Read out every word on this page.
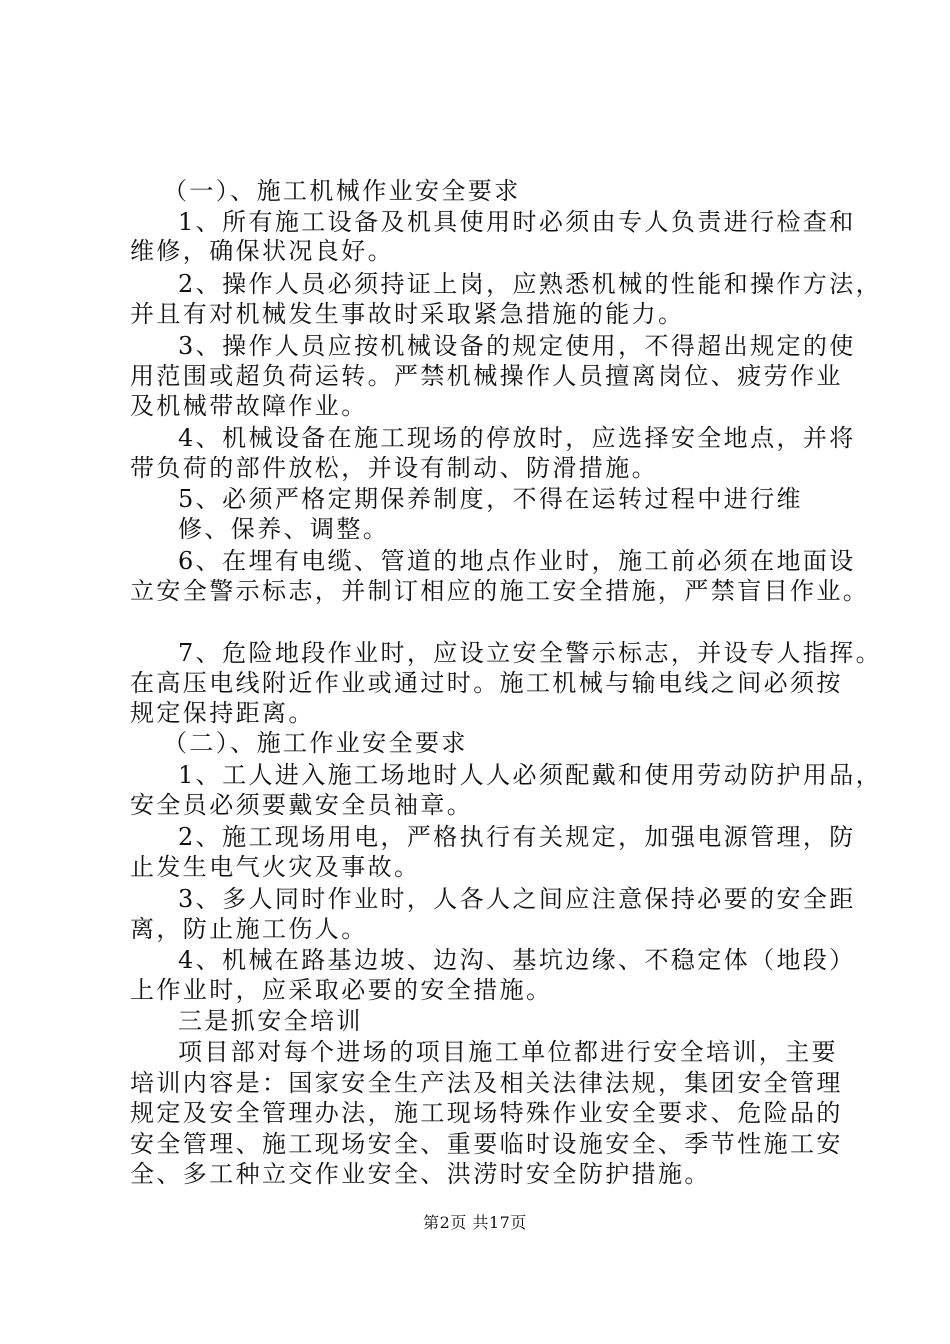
（一）、施工机械作业安全要求
1、所有施工设备及机具使用时必须由专人负责进行检查和
维修，确保状况良好。
2、操作人员必须持证上岗，应熟悉机械的性能和操作方法，
并且有对机械发生事故时采取紧急措施的能力。
3、操作人员应按机械设备的规定使用，不得超出规定的使
用范围或超负荷运转。严禁机械操作人员擅离岗位、疲劳作业
及机械带故障作业。
4、机械设备在施工现场的停放时，应选择安全地点，并将
带负荷的部件放松，并设有制动、防滑措施。
5、必须严格定期保养制度，不得在运转过程中进行维
修、保养、调整。
6、在埋有电缆、管道的地点作业时，施工前必须在地面设
立安全警示标志，并制订相应的施工安全措施，严禁盲目作业。
7、危险地段作业时，应设立安全警示标志，并设专人指挥。
在高压电线附近作业或通过时。施工机械与输电线之间必须按
规定保持距离。
（二）、施工作业安全要求
1、工人进入施工场地时人人必须配戴和使用劳动防护用品，
安全员必须要戴安全员袖章。
2、施工现场用电，严格执行有关规定，加强电源管理，防
止发生电气火灾及事故。
3、多人同时作业时，人各人之间应注意保持必要的安全距
离，防止施工伤人。
4、机械在路基边坡、边沟、基坑边缘、不稳定体（地段）
上作业时，应采取必要的安全措施。
三是抓安全培训
项目部对每个进场的项目施工单位都进行安全培训，主要
培训内容是：国家安全生产法及相关法律法规，集团安全管理
规定及安全管理办法，施工现场特殊作业安全要求、危险品的
安全管理、施工现场安全、重要临时设施安全、季节性施工安
全、多工种立交作业安全、洪涝时安全防护措施。
第2页 共17页
